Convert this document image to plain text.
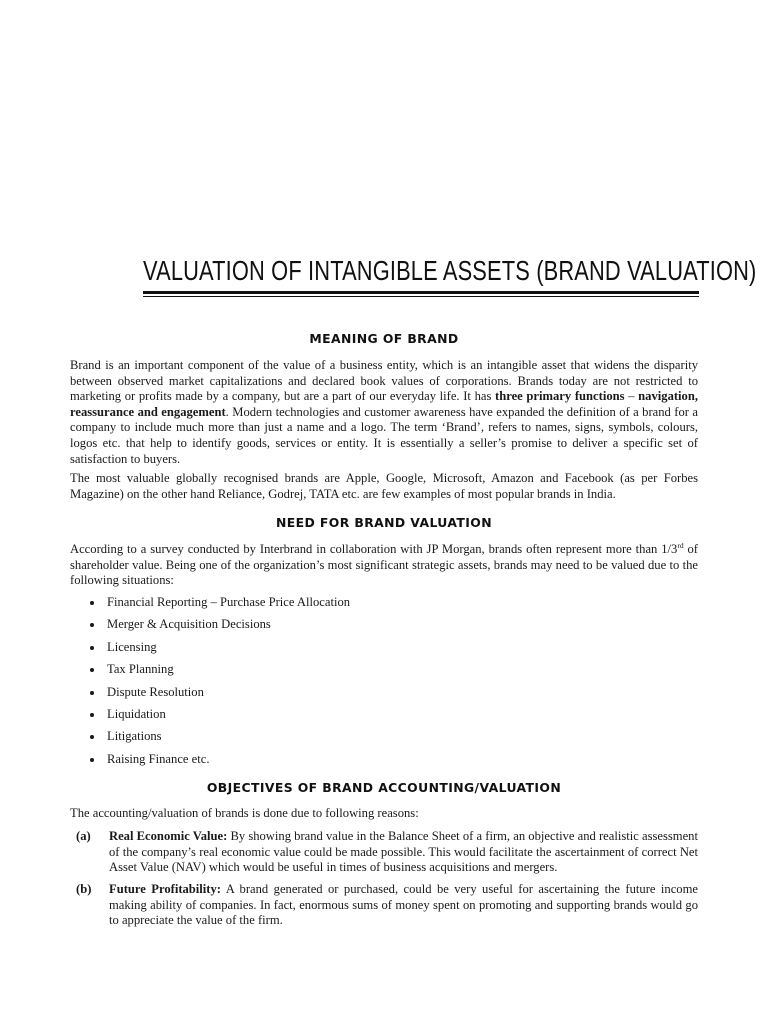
VALUATION OF INTANGIBLE ASSETS (BRAND VALUATION)
MEANING OF BRAND
Brand is an important component of the value of a business entity, which is an intangible asset that widens the disparity between observed market capitalizations and declared book values of corporations. Brands today are not restricted to marketing or profits made by a company, but are a part of our everyday life. It has three primary functions – navigation, reassurance and engagement. Modern technologies and customer awareness have expanded the definition of a brand for a company to include much more than just a name and a logo. The term ‘Brand’, refers to names, signs, symbols, colours, logos etc. that help to identify goods, services or entity. It is essentially a seller’s promise to deliver a specific set of satisfaction to buyers.
The most valuable globally recognised brands are Apple, Google, Microsoft, Amazon and Facebook (as per Forbes Magazine) on the other hand Reliance, Godrej, TATA etc. are few examples of most popular brands in India.
NEED FOR BRAND VALUATION
According to a survey conducted by Interbrand in collaboration with JP Morgan, brands often represent more than 1/3rd of shareholder value. Being one of the organization’s most significant strategic assets, brands may need to be valued due to the following situations:
Financial Reporting – Purchase Price Allocation
Merger & Acquisition Decisions
Licensing
Tax Planning
Dispute Resolution
Liquidation
Litigations
Raising Finance etc.
OBJECTIVES OF BRAND ACCOUNTING/VALUATION
The accounting/valuation of brands is done due to following reasons:
(a) Real Economic Value: By showing brand value in the Balance Sheet of a firm, an objective and realistic assessment of the company’s real economic value could be made possible. This would facilitate the ascertainment of correct Net Asset Value (NAV) which would be useful in times of business acquisitions and mergers.
(b) Future Profitability: A brand generated or purchased, could be very useful for ascertaining the future income making ability of companies. In fact, enormous sums of money spent on promoting and supporting brands would go to appreciate the value of the firm.
